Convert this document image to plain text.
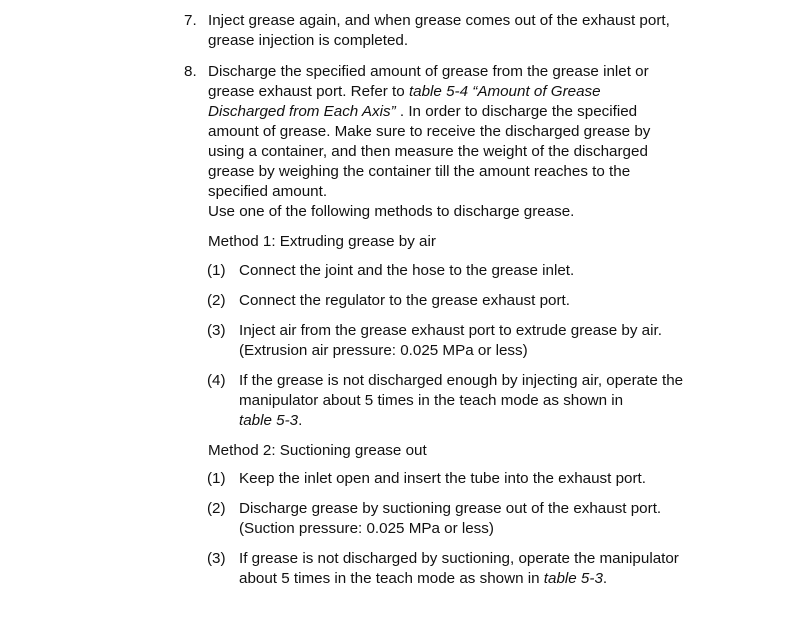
7. Inject grease again, and when grease comes out of the exhaust port,
grease injection is completed.
8. Discharge the specified amount of grease from the grease inlet or
grease exhaust port. Refer to table 5-4 “Amount of Grease
Discharged from Each Axis” . In order to discharge the specified
amount of grease. Make sure to receive the discharged grease by
using a container, and then measure the weight of the discharged
grease by weighing the container till the amount reaches to the
specified amount.
Use one of the following methods to discharge grease.
Method 1: Extruding grease by air
(1) Connect the joint and the hose to the grease inlet.
(2) Connect the regulator to the grease exhaust port.
(3) Inject air from the grease exhaust port to extrude grease by air.
(Extrusion air pressure: 0.025 MPa or less)
(4) If the grease is not discharged enough by injecting air, operate the
manipulator about 5 times in the teach mode as shown in
table 5-3.
Method 2: Suctioning grease out
(1) Keep the inlet open and insert the tube into the exhaust port.
(2) Discharge grease by suctioning grease out of the exhaust port.
(Suction pressure: 0.025 MPa or less)
(3) If grease is not discharged by suctioning, operate the manipulator
about 5 times in the teach mode as shown in table 5-3.
